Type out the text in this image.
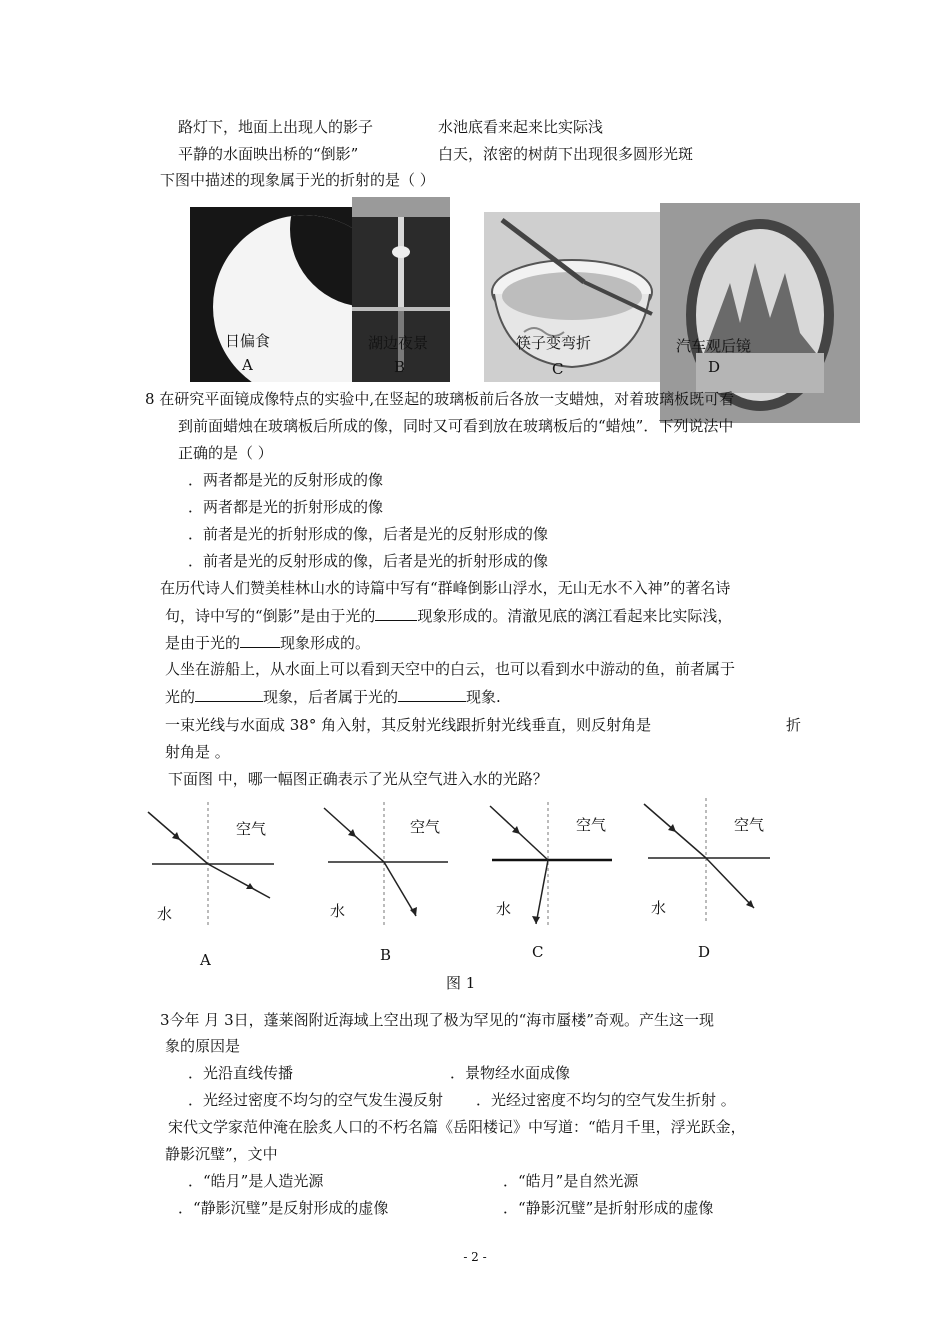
路灯下，地面上出现人的影子	水池底看来起来比实际浅
平静的水面映出桥的“倒影”	白天，浓密的树荫下出现很多圆形光斑
下图中描述的现象属于光的折射的是（ ）
日偏食
A
湖边夜景
B
筷子变弯折
C
汽车观后镜
D
8 在研究平面镜成像特点的实验中,在竖起的玻璃板前后各放一支蜡烛，对着玻璃板既可看
到前面蜡烛在玻璃板后所成的像，同时又可看到放在玻璃板后的“蜡烛”．下列说法中
正确的是（ ）
．两者都是光的反射形成的像
．两者都是光的折射形成的像
．前者是光的折射形成的像，后者是光的反射形成的像
．前者是光的反射形成的像，后者是光的折射形成的像
在历代诗人们赞美桂林山水的诗篇中写有“群峰倒影山浮水，无山无水不入神”的著名诗
句，诗中写的“倒影”是由于光的	现象形成的。清澈见底的漓江看起来比实际浅，
是由于光的	现象形成的。
人坐在游船上，从水面上可以看到天空中的白云，也可以看到水中游动的鱼，前者属于
光的	现象，后者属于光的	现象.
一束光线与水面成 38° 角入射，其反射光线跟折射光线垂直，则反射角是	折
射角是 。
下面图 中，哪一幅图正确表示了光从空气进入水的光路？
空气
水
A
空气
水
B
空气
水
C
空气
水
D
图 1
3今年 月 3日，蓬莱阁附近海域上空出现了极为罕见的“海市蜃楼”奇观。产生这一现
象的原因是
．光沿直线传播	．景物经水面成像
．光经过密度不均匀的空气发生漫反射 ．光经过密度不均匀的空气发生折射 。
宋代文学家范仲淹在脍炙人口的不朽名篇《岳阳楼记》中写道：“皓月千里，浮光跃金，
静影沉璧”，文中
．“皓月”是人造光源	．“皓月”是自然光源
．“静影沉璧”是反射形成的虚像	．“静影沉璧”是折射形成的虚像
- 2 -
